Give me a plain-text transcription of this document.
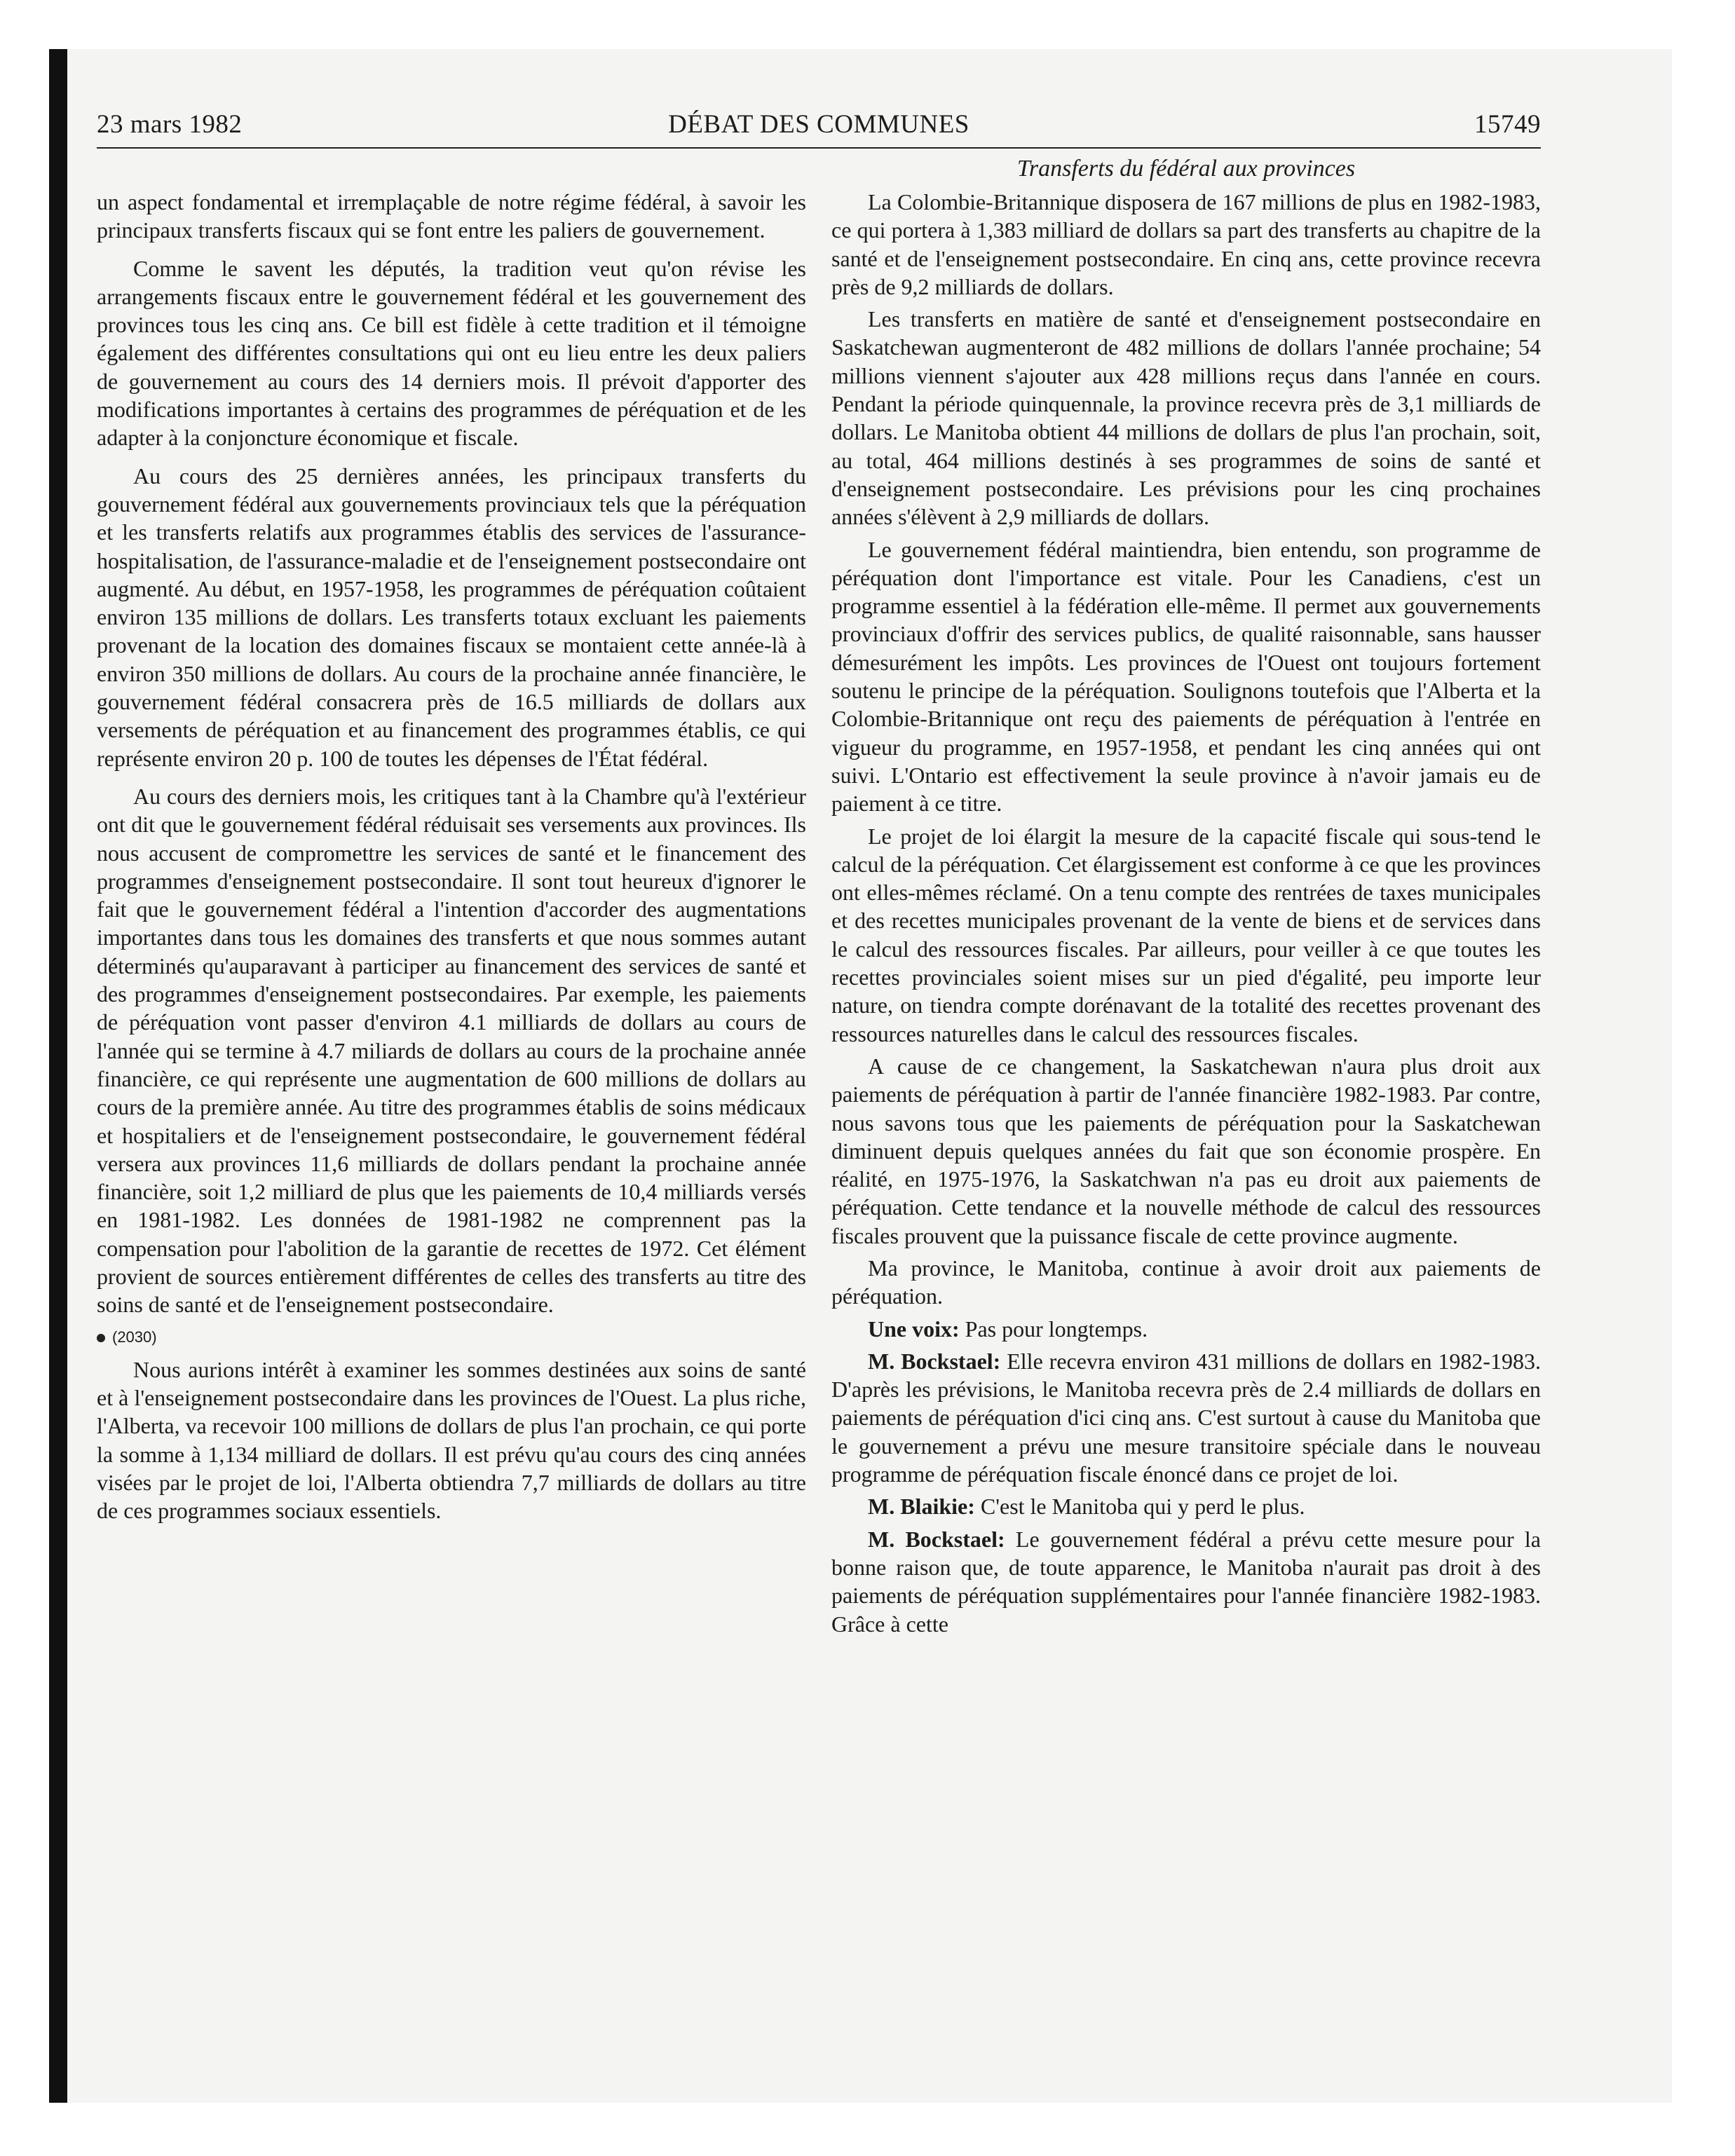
23 mars 1982	DÉBAT DES COMMUNES	15749
Transferts du fédéral aux provinces

un aspect fondamental et irremplaçable de notre régime fédéral, à savoir les principaux transferts fiscaux qui se font entre les paliers de gouvernement.

Comme le savent les députés, la tradition veut qu'on révise les arrangements fiscaux entre le gouvernement fédéral et les gouvernement des provinces tous les cinq ans. Ce bill est fidèle à cette tradition et il témoigne également des différentes consultations qui ont eu lieu entre les deux paliers de gouvernement au cours des 14 derniers mois. Il prévoit d'apporter des modifications importantes à certains des programmes de péréquation et de les adapter à la conjoncture économique et fiscale.

Au cours des 25 dernières années, les principaux transferts du gouvernement fédéral aux gouvernements provinciaux tels que la péréquation et les transferts relatifs aux programmes établis des services de l'assurance-hospitalisation, de l'assurance-maladie et de l'enseignement postsecondaire ont augmenté. Au début, en 1957-1958, les programmes de péréquation coûtaient environ 135 millions de dollars. Les transferts totaux excluant les paiements provenant de la location des domaines fiscaux se montaient cette année-là à environ 350 millions de dollars. Au cours de la prochaine année financière, le gouvernement fédéral consacrera près de 16.5 milliards de dollars aux versements de péréquation et au financement des programmes établis, ce qui représente environ 20 p. 100 de toutes les dépenses de l'État fédéral.

Au cours des derniers mois, les critiques tant à la Chambre qu'à l'extérieur ont dit que le gouvernement fédéral réduisait ses versements aux provinces. Ils nous accusent de compromettre les services de santé et le financement des programmes d'enseignement postsecondaire. Il sont tout heureux d'ignorer le fait que le gouvernement fédéral a l'intention d'accorder des augmentations importantes dans tous les domaines des transferts et que nous sommes autant déterminés qu'auparavant à participer au financement des services de santé et des programmes d'enseignement postsecondaires. Par exemple, les paiements de péréquation vont passer d'environ 4.1 milliards de dollars au cours de l'année qui se termine à 4.7 miliards de dollars au cours de la prochaine année financière, ce qui représente une augmentation de 600 millions de dollars au cours de la première année. Au titre des programmes établis de soins médicaux et hospitaliers et de l'enseignement postsecondaire, le gouvernement fédéral versera aux provinces 11,6 milliards de dollars pendant la prochaine année financière, soit 1,2 milliard de plus que les paiements de 10,4 milliards versés en 1981-1982. Les données de 1981-1982 ne comprennent pas la compensation pour l'abolition de la garantie de recettes de 1972. Cet élément provient de sources entièrement différentes de celles des transferts au titre des soins de santé et de l'enseignement postsecondaire.

(2030)

Nous aurions intérêt à examiner les sommes destinées aux soins de santé et à l'enseignement postsecondaire dans les provinces de l'Ouest. La plus riche, l'Alberta, va recevoir 100 millions de dollars de plus l'an prochain, ce qui porte la somme à 1,134 milliard de dollars. Il est prévu qu'au cours des cinq années visées par le projet de loi, l'Alberta obtiendra 7,7 milliards de dollars au titre de ces programmes sociaux essentiels.

La Colombie-Britannique disposera de 167 millions de plus en 1982-1983, ce qui portera à 1,383 milliard de dollars sa part des transferts au chapitre de la santé et de l'enseignement postsecondaire. En cinq ans, cette province recevra près de 9,2 milliards de dollars.

Les transferts en matière de santé et d'enseignement postsecondaire en Saskatchewan augmenteront de 482 millions de dollars l'année prochaine; 54 millions viennent s'ajouter aux 428 millions reçus dans l'année en cours. Pendant la période quinquennale, la province recevra près de 3,1 milliards de dollars. Le Manitoba obtient 44 millions de dollars de plus l'an prochain, soit, au total, 464 millions destinés à ses programmes de soins de santé et d'enseignement postsecondaire. Les prévisions pour les cinq prochaines années s'élèvent à 2,9 milliards de dollars.

Le gouvernement fédéral maintiendra, bien entendu, son programme de péréquation dont l'importance est vitale. Pour les Canadiens, c'est un programme essentiel à la fédération elle-même. Il permet aux gouvernements provinciaux d'offrir des services publics, de qualité raisonnable, sans hausser démesurément les impôts. Les provinces de l'Ouest ont toujours fortement soutenu le principe de la péréquation. Soulignons toutefois que l'Alberta et la Colombie-Britannique ont reçu des paiements de péréquation à l'entrée en vigueur du programme, en 1957-1958, et pendant les cinq années qui ont suivi. L'Ontario est effectivement la seule province à n'avoir jamais eu de paiement à ce titre.

Le projet de loi élargit la mesure de la capacité fiscale qui sous-tend le calcul de la péréquation. Cet élargissement est conforme à ce que les provinces ont elles-mêmes réclamé. On a tenu compte des rentrées de taxes municipales et des recettes municipales provenant de la vente de biens et de services dans le calcul des ressources fiscales. Par ailleurs, pour veiller à ce que toutes les recettes provinciales soient mises sur un pied d'égalité, peu importe leur nature, on tiendra compte dorénavant de la totalité des recettes provenant des ressources naturelles dans le calcul des ressources fiscales.

A cause de ce changement, la Saskatchewan n'aura plus droit aux paiements de péréquation à partir de l'année financière 1982-1983. Par contre, nous savons tous que les paiements de péréquation pour la Saskatchewan diminuent depuis quelques années du fait que son économie prospère. En réalité, en 1975-1976, la Saskatchwan n'a pas eu droit aux paiements de péréquation. Cette tendance et la nouvelle méthode de calcul des ressources fiscales prouvent que la puissance fiscale de cette province augmente.

Ma province, le Manitoba, continue à avoir droit aux paiements de péréquation.

Une voix: Pas pour longtemps.

M. Bockstael: Elle recevra environ 431 millions de dollars en 1982-1983. D'après les prévisions, le Manitoba recevra près de 2.4 milliards de dollars en paiements de péréquation d'ici cinq ans. C'est surtout à cause du Manitoba que le gouvernement a prévu une mesure transitoire spéciale dans le nouveau programme de péréquation fiscale énoncé dans ce projet de loi.

M. Blaikie: C'est le Manitoba qui y perd le plus.

M. Bockstael: Le gouvernement fédéral a prévu cette mesure pour la bonne raison que, de toute apparence, le Manitoba n'aurait pas droit à des paiements de péréquation supplémentaires pour l'année financière 1982-1983. Grâce à cette
